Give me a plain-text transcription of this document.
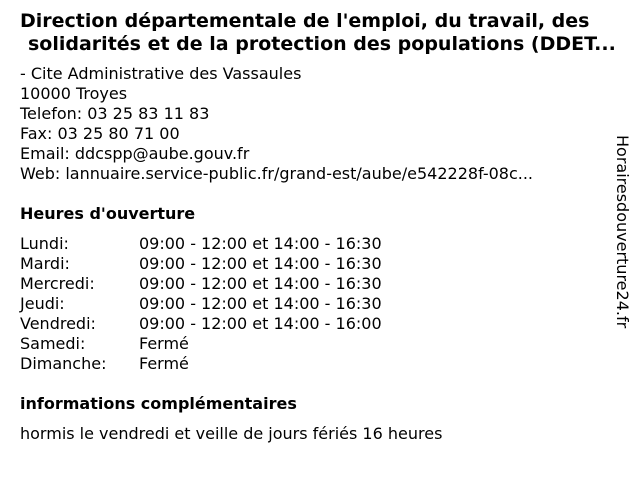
Direction départementale de l'emploi, du travail, des
solidarités et de la protection des populations (DDET...
- Cite Administrative des Vassaules
10000 Troyes
Telefon: 03 25 83 11 83
Fax: 03 25 80 71 00
Email: ddcspp@aube.gouv.fr
Web: lannuaire.service-public.fr/grand-est/aube/e542228f-08c...
Heures d'ouverture
Lundi:	09:00 - 12:00 et 14:00 - 16:30
Mardi:	09:00 - 12:00 et 14:00 - 16:30
Mercredi:	09:00 - 12:00 et 14:00 - 16:30
Jeudi:	09:00 - 12:00 et 14:00 - 16:30
Vendredi:	09:00 - 12:00 et 14:00 - 16:00
Samedi:	Fermé
Dimanche:	Fermé
informations complémentaires
hormis le vendredi et veille de jours fériés 16 heures
Horairesdouverture24.fr
